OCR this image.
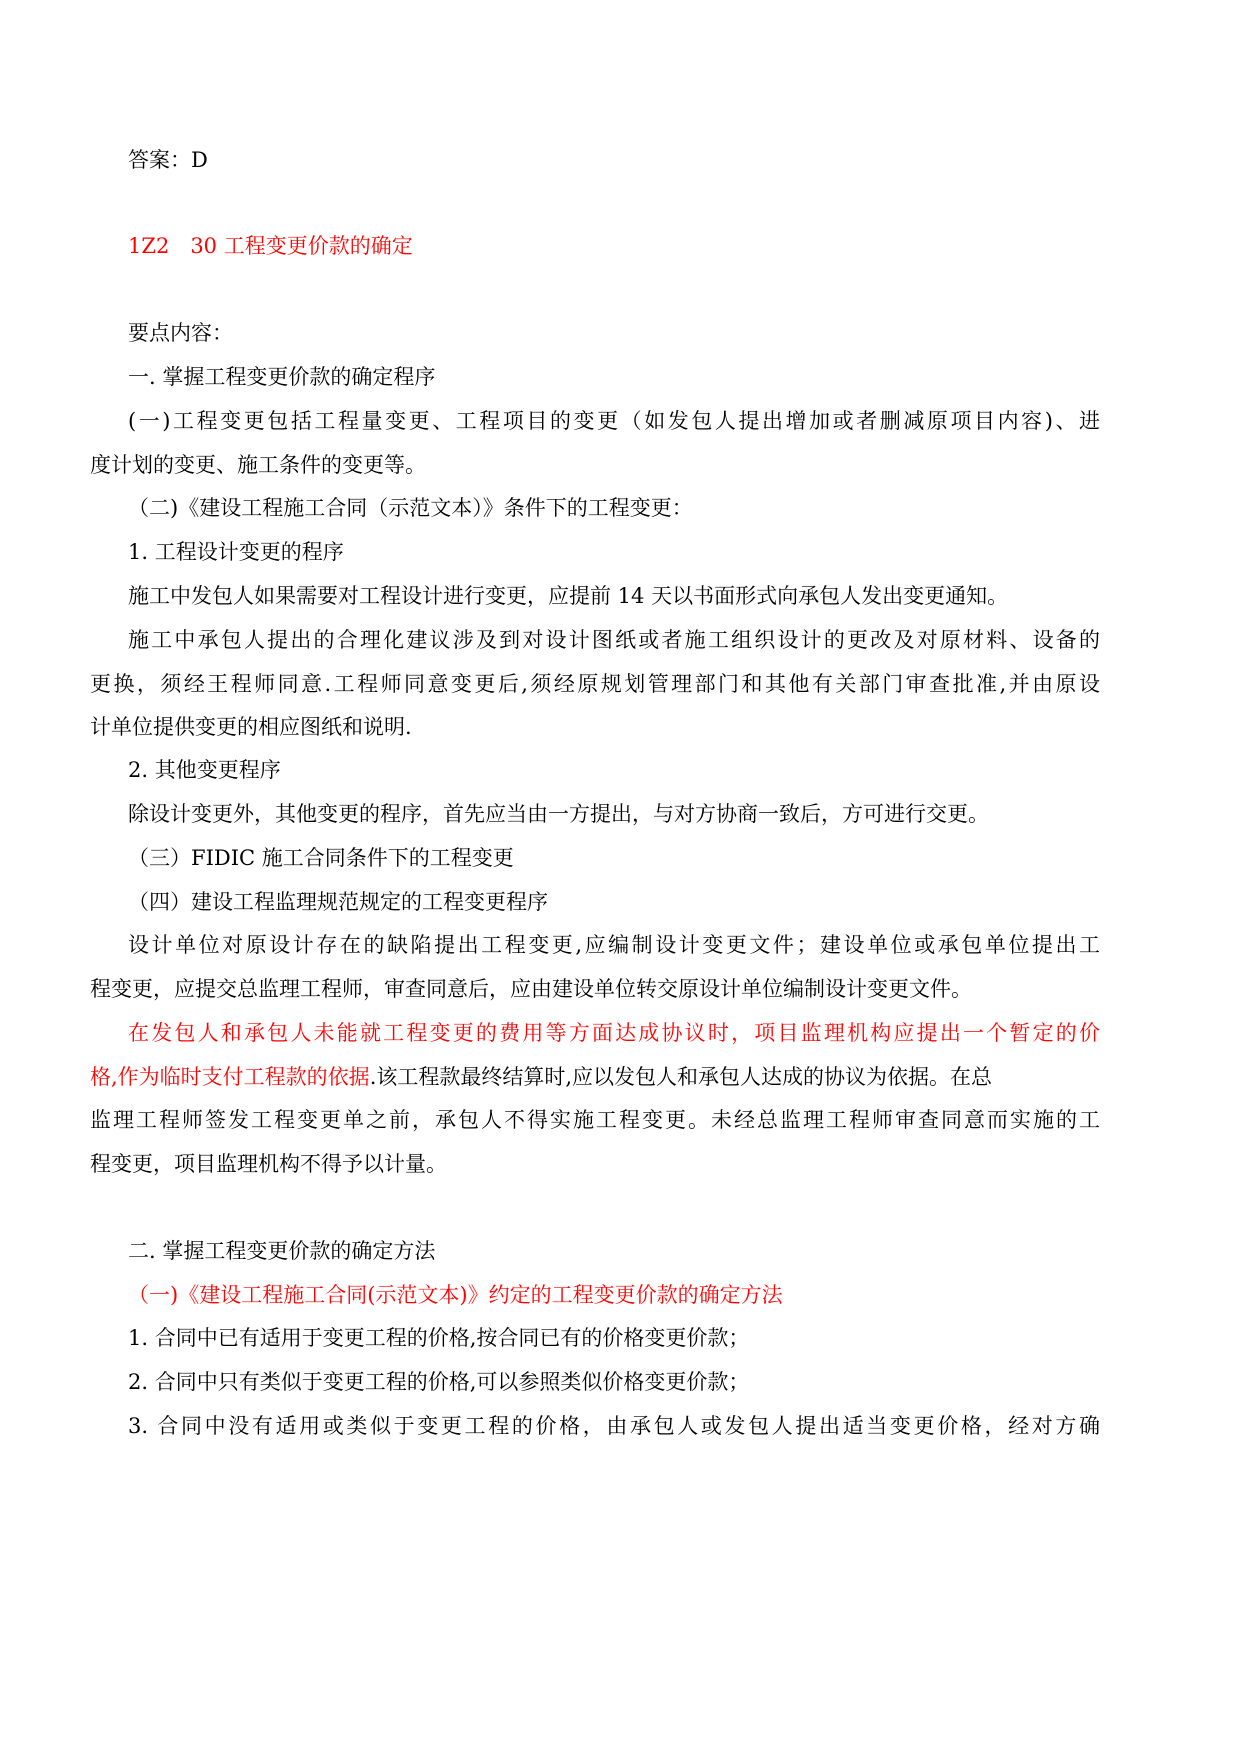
答案：D
1Z2　30 工程变更价款的确定
要点内容：
一. 掌握工程变更价款的确定程序
(一)工程变更包括工程量变更、工程项目的变更（如发包人提出增加或者删减原项目内容)、进
度计划的变更、施工条件的变更等。
（二)《建设工程施工合同（示范文本）》条件下的工程变更：
1. 工程设计变更的程序
施工中发包人如果需要对工程设计进行变更，应提前 14 天以书面形式向承包人发出变更通知。
施工中承包人提出的合理化建议涉及到对设计图纸或者施工组织设计的更改及对原材料、设备的
更换，须经王程师同意.工程师同意变更后,须经原规划管理部门和其他有关部门审查批准,并由原设
计单位提供变更的相应图纸和说明.
2. 其他变更程序
除设计变更外，其他变更的程序，首先应当由一方提出，与对方协商一致后，方可进行交更。
（三）FIDIC 施工合同条件下的工程变更
（四）建设工程监理规范规定的工程变更程序
设计单位对原设计存在的缺陷提出工程变更,应编制设计变更文件；建设单位或承包单位提出工
程变更，应提交总监理工程师，审查同意后，应由建设单位转交原设计单位编制设计变更文件。
在发包人和承包人未能就工程变更的费用等方面达成协议时，项目监理机构应提出一个暂定的价
格,作为临时支付工程款的依据.该工程款最终结算时,应以发包人和承包人达成的协议为依据。在总
监理工程师签发工程变更单之前，承包人不得实施工程变更。未经总监理工程师审查同意而实施的工
程变更，项目监理机构不得予以计量。
二. 掌握工程变更价款的确定方法
（一)《建设工程施工合同(示范文本)》约定的工程变更价款的确定方法
1. 合同中已有适用于变更工程的价格,按合同已有的价格变更价款；
2. 合同中只有类似于变更工程的价格,可以参照类似价格变更价款；
3. 合同中没有适用或类似于变更工程的价格，由承包人或发包人提出适当变更价格，经对方确
